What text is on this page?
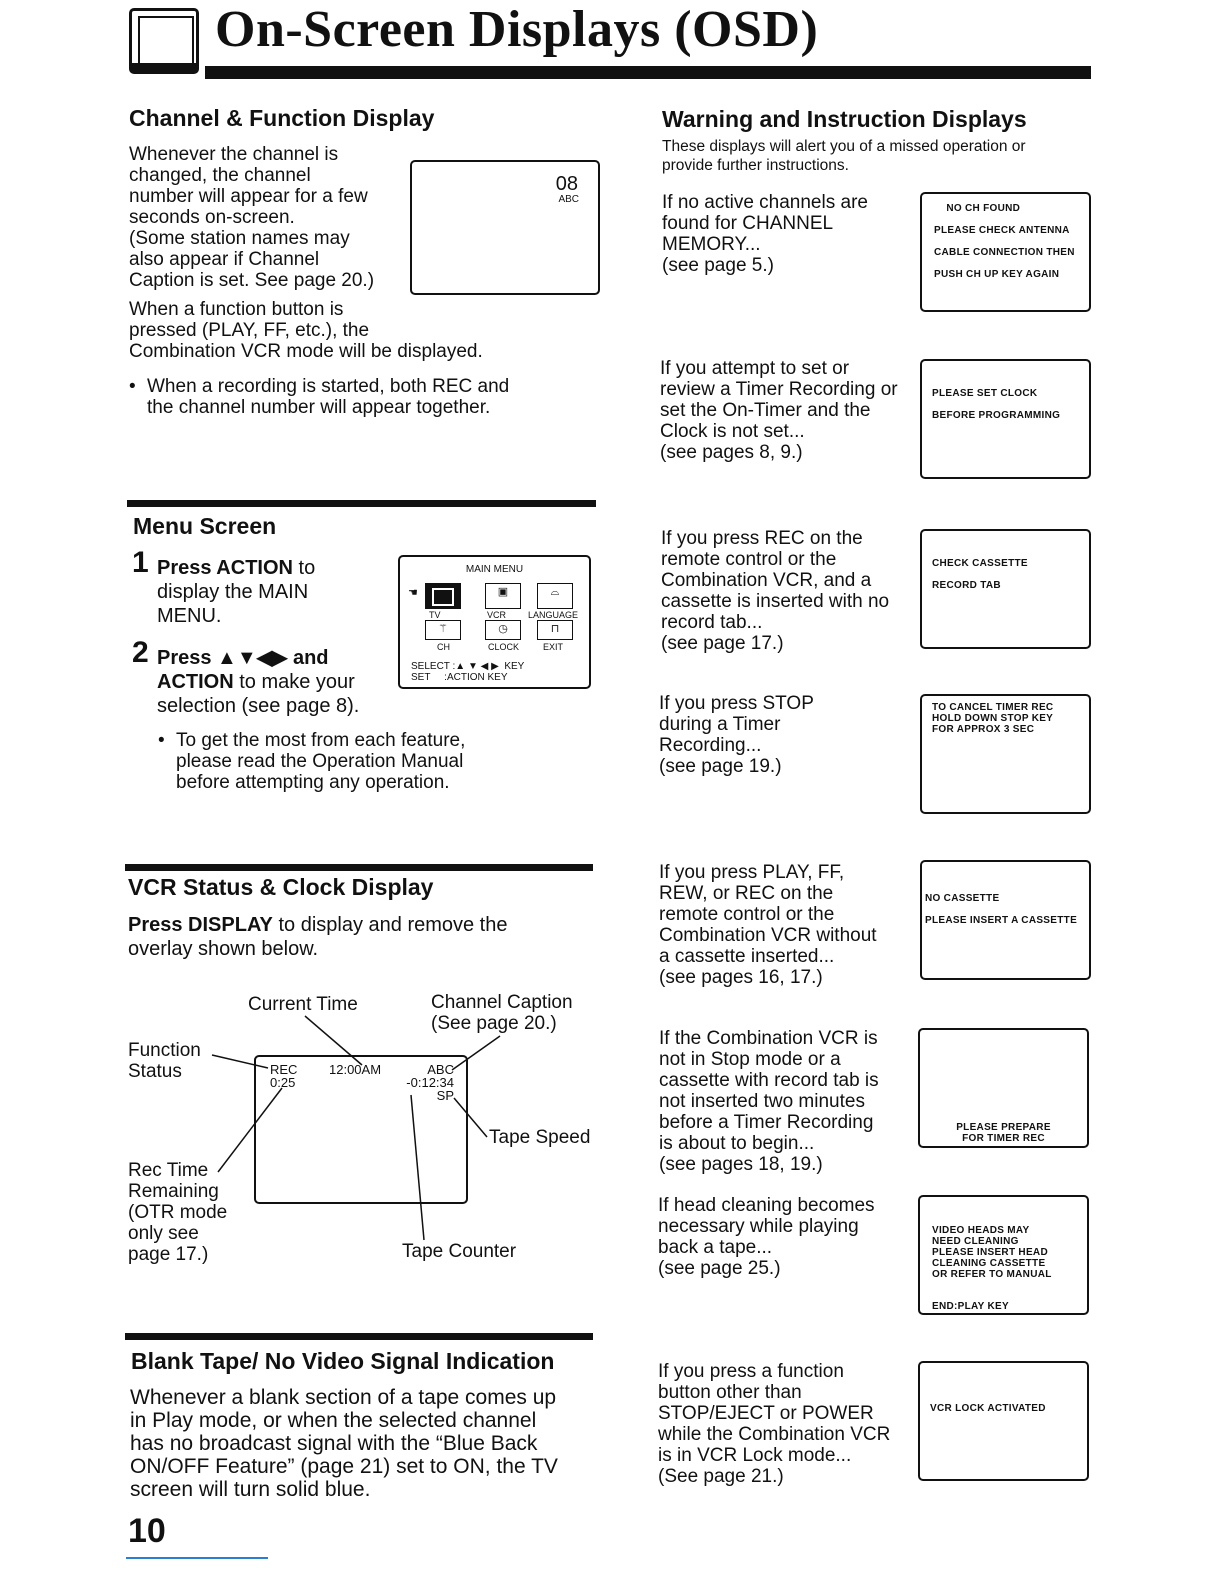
On-Screen Displays (OSD)
Channel & Function Display
Whenever the channel is
changed, the channel
number will appear for a few
seconds on-screen.
(Some station names may
also appear if Channel
Caption is set. See page 20.)
When a function button is
pressed (PLAY, FF, etc.), the
Combination VCR mode will be displayed.
• When a recording is started, both REC and
the channel number will appear together.
08
ABC
Menu Screen
1 Press ACTION to
display the MAIN
MENU.
2 Press ▲▼◀▶ and
ACTION to make your
selection (see page 8).
• To get the most from each feature,
please read the Operation Manual
before attempting any operation.
MAIN MENU
☚	▣	⌓
TV	VCR LANGUAGE
⚚	◷	⊓
CH	CLOCK	EXIT
SELECT :▲ ▼ ◀ ▶  KEY
SET     :ACTION KEY
VCR Status & Clock Display
Press DISPLAY to display and remove the
overlay shown below.
Current Time	Channel Caption
(See page 20.)
Function
Status
Tape Speed
Rec Time
Remaining
(OTR mode
only see
page 17.)	Tape Counter
REC
0:25
12:00AM	ABC
-0:12:34
SP
Blank Tape/ No Video Signal Indication
Whenever a blank section of a tape comes up
in Play mode, or when the selected channel
has no broadcast signal with the “Blue Back
ON/OFF Feature” (page 21) set to ON, the TV
screen will turn solid blue.
Warning and Instruction Displays
These displays will alert you of a missed operation or
provide further instructions.
If no active channels are
found for CHANNEL
MEMORY...
(see page 5.)
NO CH FOUND
PLEASE CHECK ANTENNA
CABLE CONNECTION THEN
PUSH CH UP KEY AGAIN
If you attempt to set or
review a Timer Recording or
set the On-Timer and the
Clock is not set...
(see pages 8, 9.)
PLEASE SET CLOCK
BEFORE PROGRAMMING
If you press REC on the
remote control or the
Combination VCR, and a
cassette is inserted with no
record tab...
(see page 17.)
CHECK CASSETTE
RECORD TAB
If you press STOP
during a Timer
Recording...
(see page 19.)
TO CANCEL TIMER REC
HOLD DOWN STOP KEY
FOR APPROX 3 SEC
If you press PLAY, FF,
REW, or REC on the
remote control or the
Combination VCR without
a cassette inserted...
(see pages 16, 17.)
NO CASSETTE
PLEASE INSERT A CASSETTE
If the Combination VCR is
not in Stop mode or a
cassette with record tab is
not inserted two minutes
before a Timer Recording
is about to begin...
(see pages 18, 19.)
PLEASE PREPARE
FOR TIMER REC
If head cleaning becomes
necessary while playing
back a tape...
(see page 25.)
VIDEO HEADS MAY
NEED CLEANING
PLEASE INSERT HEAD
CLEANING CASSETTE
OR REFER TO MANUAL
END:PLAY KEY
If you press a function
button other than
STOP/EJECT or POWER
while the Combination VCR
is in VCR Lock mode...
(See page 21.)
VCR LOCK ACTIVATED
10
